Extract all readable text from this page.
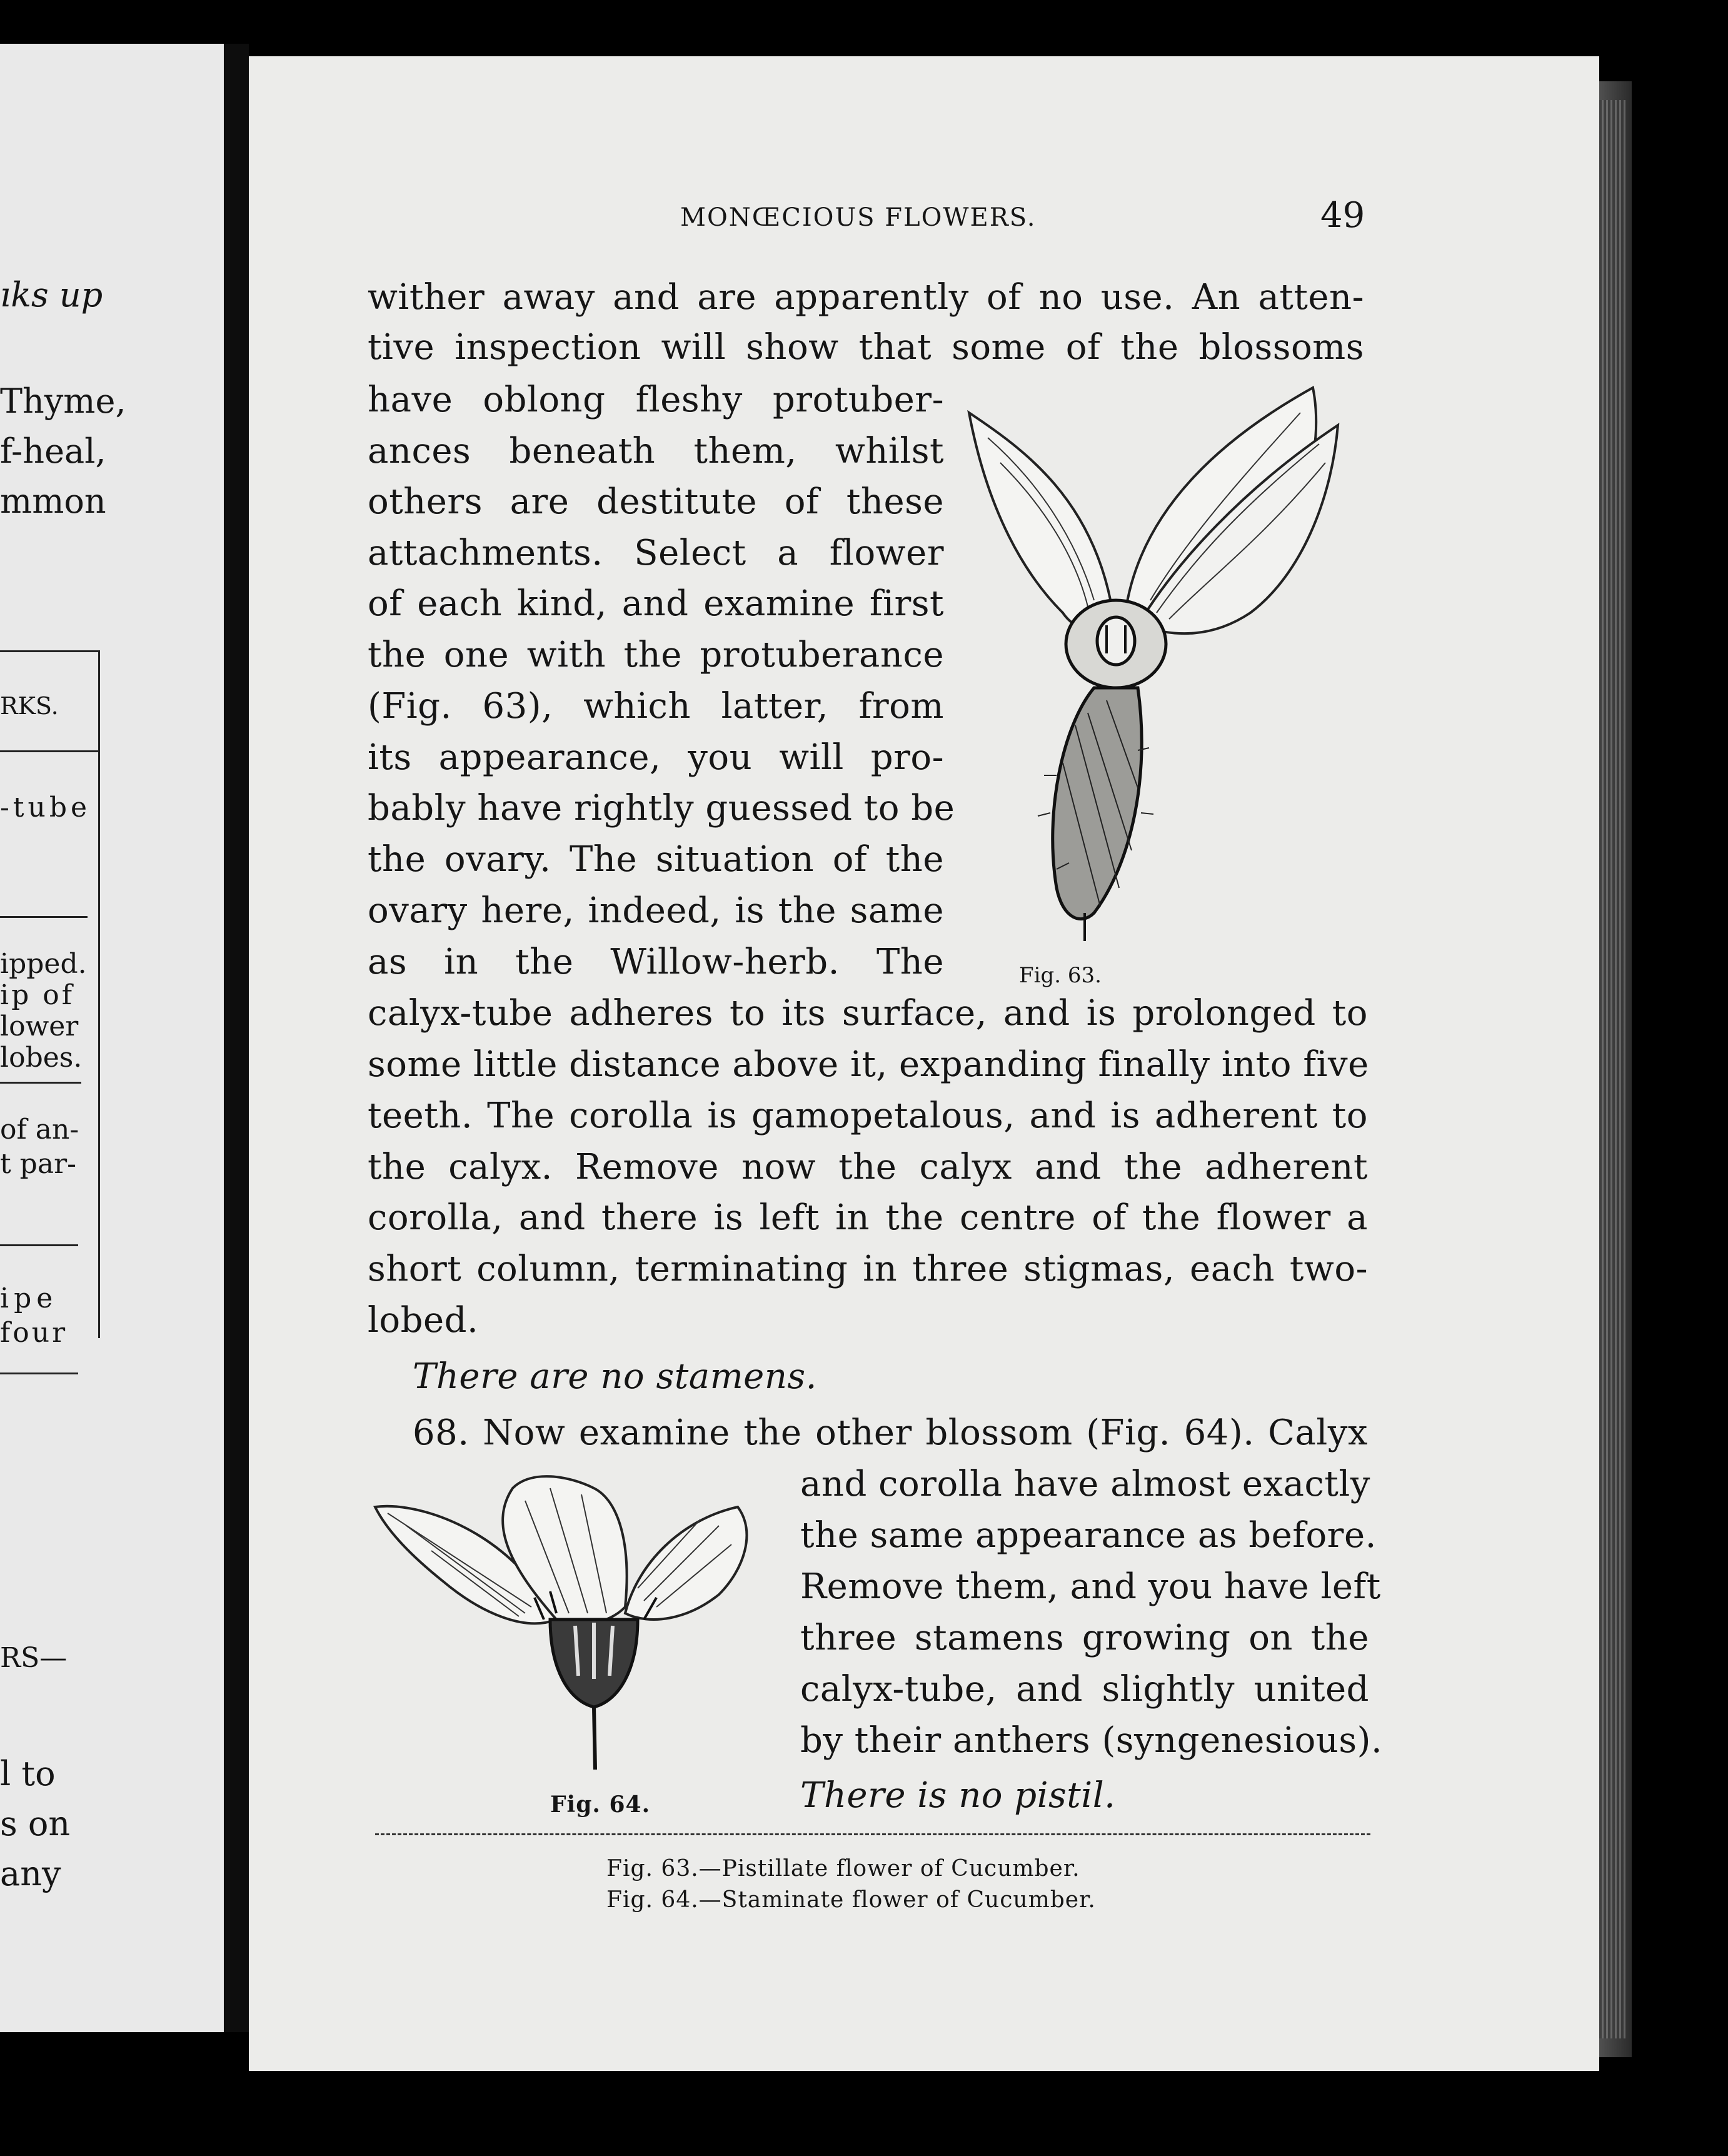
ıks up
Thyme,
f-heal,
mmon
RKS.
-tube
ipped.
ip of
lower
lobes.
of an-
t par-
ipe
four
RS—
l to
s on
any
MONŒCIOUS FLOWERS.	49
wither away and are apparently of no use. An atten-
tive inspection will show that some of the blossoms
have oblong fleshy protuber-
ances beneath them, whilst
others are destitute of these
attachments. Select a flower
of each kind, and examine first
the one with the protuberance
(Fig. 63), which latter, from
its appearance, you will pro-
bably have rightly guessed to be
the ovary. The situation of the
ovary here, indeed, is the same
as in the Willow-herb. The	Fig. 63.
calyx-tube adheres to its surface, and is prolonged to
some little distance above it, expanding finally into five
teeth. The corolla is gamopetalous, and is adherent to
the calyx. Remove now the calyx and the adherent
corolla, and there is left in the centre of the flower a
short column, terminating in three stigmas, each two-
lobed.
There are no stamens.
68. Now examine the other blossom (Fig. 64). Calyx
Fig. 64.
and corolla have almost exactly
the same appearance as before.
Remove them, and you have left
three stamens growing on the
calyx-tube, and slightly united
by their anthers (syngenesious).
There is no pistil.
Fig. 63.—Pistillate flower of Cucumber.
Fig. 64.—Staminate flower of Cucumber.
